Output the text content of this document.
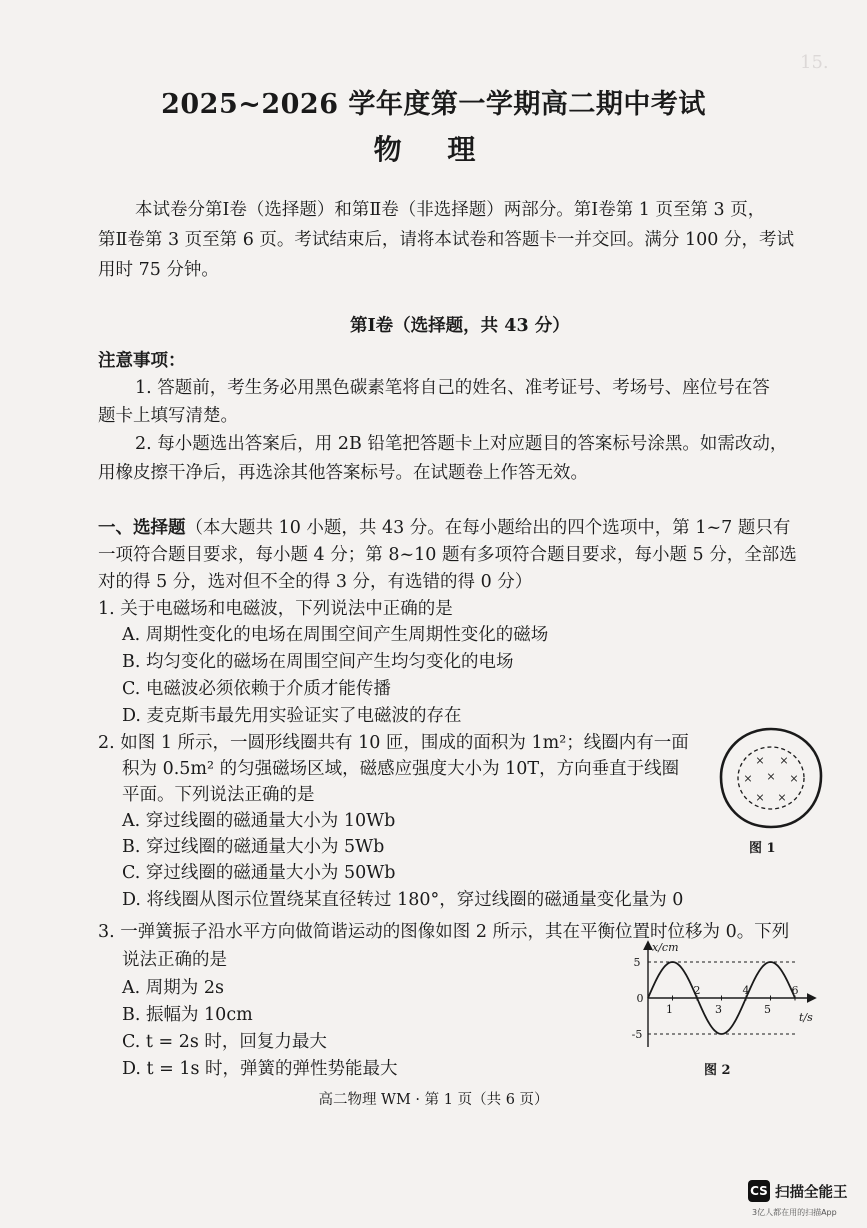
15.
2025~2026 学年度第一学期高二期中考试
物 理
本试卷分第Ⅰ卷（选择题）和第Ⅱ卷（非选择题）两部分。第Ⅰ卷第 1 页至第 3 页，
第Ⅱ卷第 3 页至第 6 页。考试结束后，请将本试卷和答题卡一并交回。满分 100 分，考试
用时 75 分钟。
第Ⅰ卷（选择题，共 43 分）
注意事项：
1. 答题前，考生务必用黑色碳素笔将自己的姓名、准考证号、考场号、座位号在答
题卡上填写清楚。
2. 每小题选出答案后，用 2B 铅笔把答题卡上对应题目的答案标号涂黑。如需改动，
用橡皮擦干净后，再选涂其他答案标号。在试题卷上作答无效。
一、选择题（本大题共 10 小题，共 43 分。在每小题给出的四个选项中，第 1~7 题只有
一项符合题目要求，每小题 4 分；第 8~10 题有多项符合题目要求，每小题 5 分，全部选
对的得 5 分，选对但不全的得 3 分，有选错的得 0 分）
1. 关于电磁场和电磁波，下列说法中正确的是
A. 周期性变化的电场在周围空间产生周期性变化的磁场
B. 均匀变化的磁场在周围空间产生均匀变化的电场
C. 电磁波必须依赖于介质才能传播
D. 麦克斯韦最先用实验证实了电磁波的存在
2. 如图 1 所示，一圆形线圈共有 10 匝，围成的面积为 1m²；线圈内有一面
积为 0.5m² 的匀强磁场区域，磁感应强度大小为 10T，方向垂直于线圈
平面。下列说法正确的是
A. 穿过线圈的磁通量大小为 10Wb
B. 穿过线圈的磁通量大小为 5Wb
C. 穿过线圈的磁通量大小为 50Wb
D. 将线圈从图示位置绕某直径转过 180°，穿过线圈的磁通量变化量为 0
× ×
× × ×
× ×
图 1
3. 一弹簧振子沿水平方向做简谐运动的图像如图 2 所示，其在平衡位置时位移为 0。下列
说法正确的是
A. 周期为 2s
B. 振幅为 10cm
C. t = 2s 时，回复力最大
D. t = 1s 时，弹簧的弹性势能最大
x/cm
t/s
5
0
-5
1
2
3
4
5
6
图 2
高二物理 WM · 第 1 页（共 6 页）
CS 扫描全能王
3亿人都在用的扫描App
